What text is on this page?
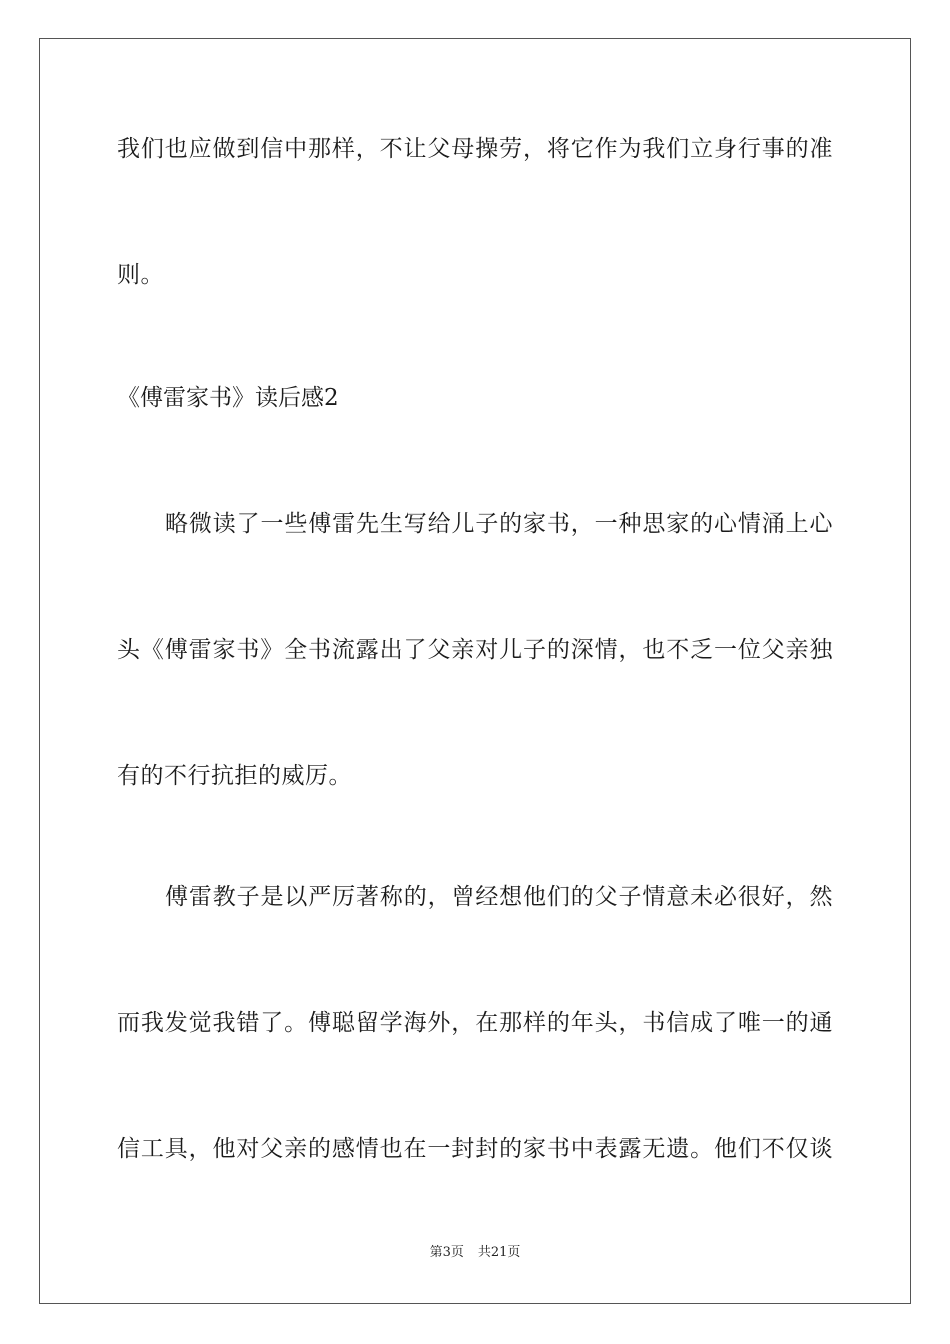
我们也应做到信中那样，不让父母操劳，将它作为我们立身行事的准
则。
《傅雷家书》读后感2
略微读了一些傅雷先生写给儿子的家书，一种思家的心情涌上心
头《傅雷家书》全书流露出了父亲对儿子的深情，也不乏一位父亲独
有的不行抗拒的威厉。
傅雷教子是以严厉著称的，曾经想他们的父子情意未必很好，然
而我发觉我错了。傅聪留学海外，在那样的年头，书信成了唯一的通
信工具，他对父亲的感情也在一封封的家书中表露无遗。他们不仅谈
第3页 共21页
